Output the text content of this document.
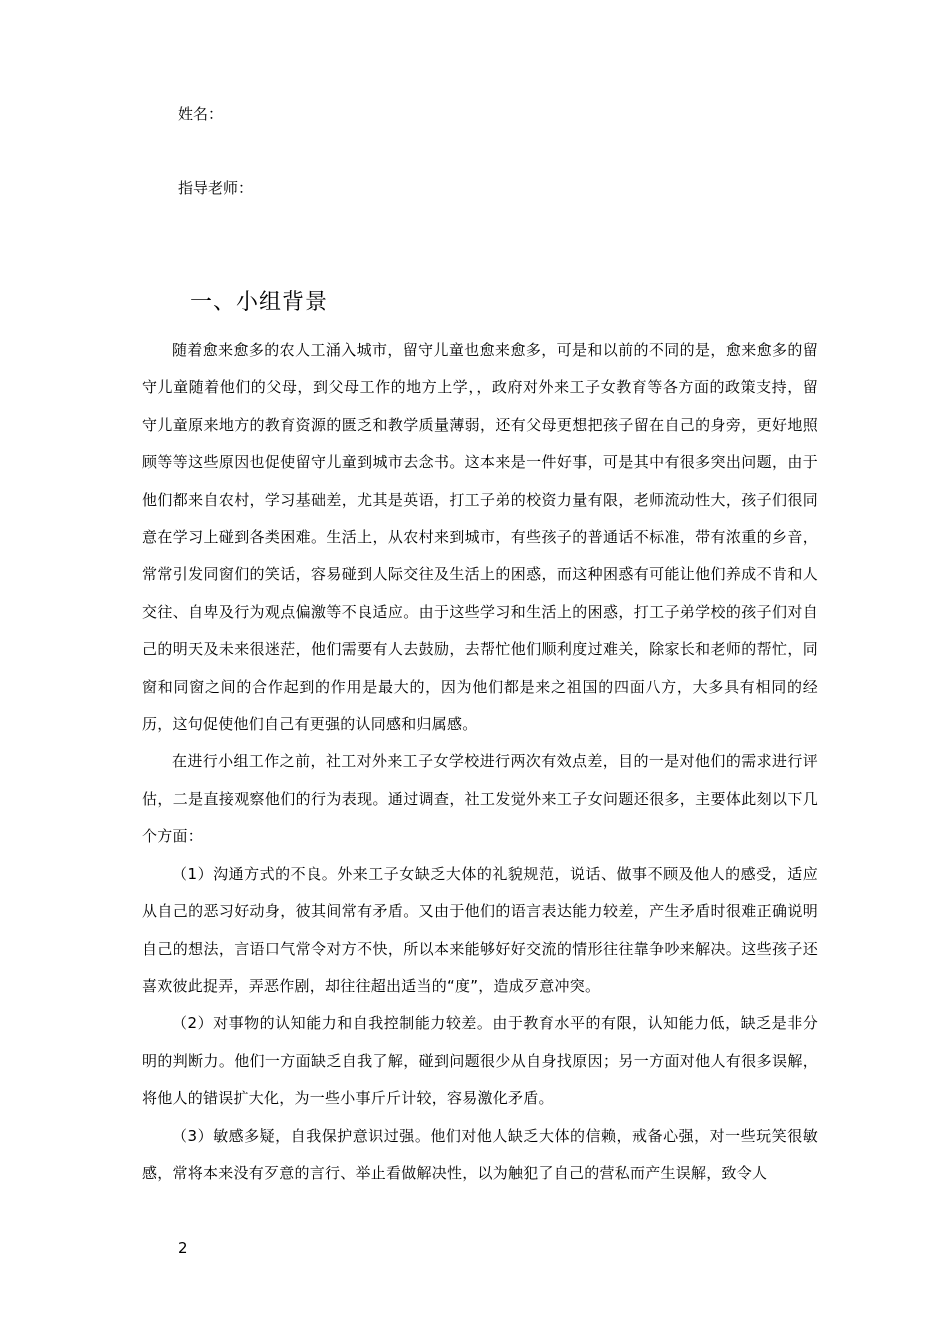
姓名：
指导老师：
一、小组背景

随着愈来愈多的农人工涌入城市，留守儿童也愈来愈多，可是和以前的不同的是，愈来愈多的留守儿童随着他们的父母，到父母工作的地方上学，，政府对外来工子女教育等各方面的政策支持，留守儿童原来地方的教育资源的匮乏和教学质量薄弱，还有父母更想把孩子留在自己的身旁，更好地照顾等等这些原因也促使留守儿童到城市去念书。这本来是一件好事，可是其中有很多突出问题，由于他们都来自农村，学习基础差，尤其是英语，打工子弟的校资力量有限，老师流动性大，孩子们很同意在学习上碰到各类困难。生活上，从农村来到城市，有些孩子的普通话不标准，带有浓重的乡音，常常引发同窗们的笑话，容易碰到人际交往及生活上的困惑，而这种困惑有可能让他们养成不肯和人交往、自卑及行为观点偏激等不良适应。由于这些学习和生活上的困惑，打工子弟学校的孩子们对自己的明天及未来很迷茫，他们需要有人去鼓励，去帮忙他们顺利度过难关，除家长和老师的帮忙，同窗和同窗之间的合作起到的作用是最大的，因为他们都是来之祖国的四面八方，大多具有相同的经历，这句促使他们自己有更强的认同感和归属感。

在进行小组工作之前，社工对外来工子女学校进行两次有效点差，目的一是对他们的需求进行评估，二是直接观察他们的行为表现。通过调查，社工发觉外来工子女问题还很多，主要体此刻以下几个方面：

（1）沟通方式的不良。外来工子女缺乏大体的礼貌规范，说话、做事不顾及他人的感受，适应从自己的恶习好动身，彼其间常有矛盾。又由于他们的语言表达能力较差，产生矛盾时很难正确说明自己的想法，言语口气常令对方不快，所以本来能够好好交流的情形往往靠争吵来解决。这些孩子还喜欢彼此捉弄，弄恶作剧，却往往超出适当的“度”，造成歹意冲突。

（2）对事物的认知能力和自我控制能力较差。由于教育水平的有限，认知能力低，缺乏是非分明的判断力。他们一方面缺乏自我了解，碰到问题很少从自身找原因；另一方面对他人有很多误解，将他人的错误扩大化，为一些小事斤斤计较，容易激化矛盾。

（3）敏感多疑，自我保护意识过强。他们对他人缺乏大体的信赖，戒备心强，对一些玩笑很敏感，常将本来没有歹意的言行、举止看做解决性，以为触犯了自己的营私而产生误解，致令人

2
